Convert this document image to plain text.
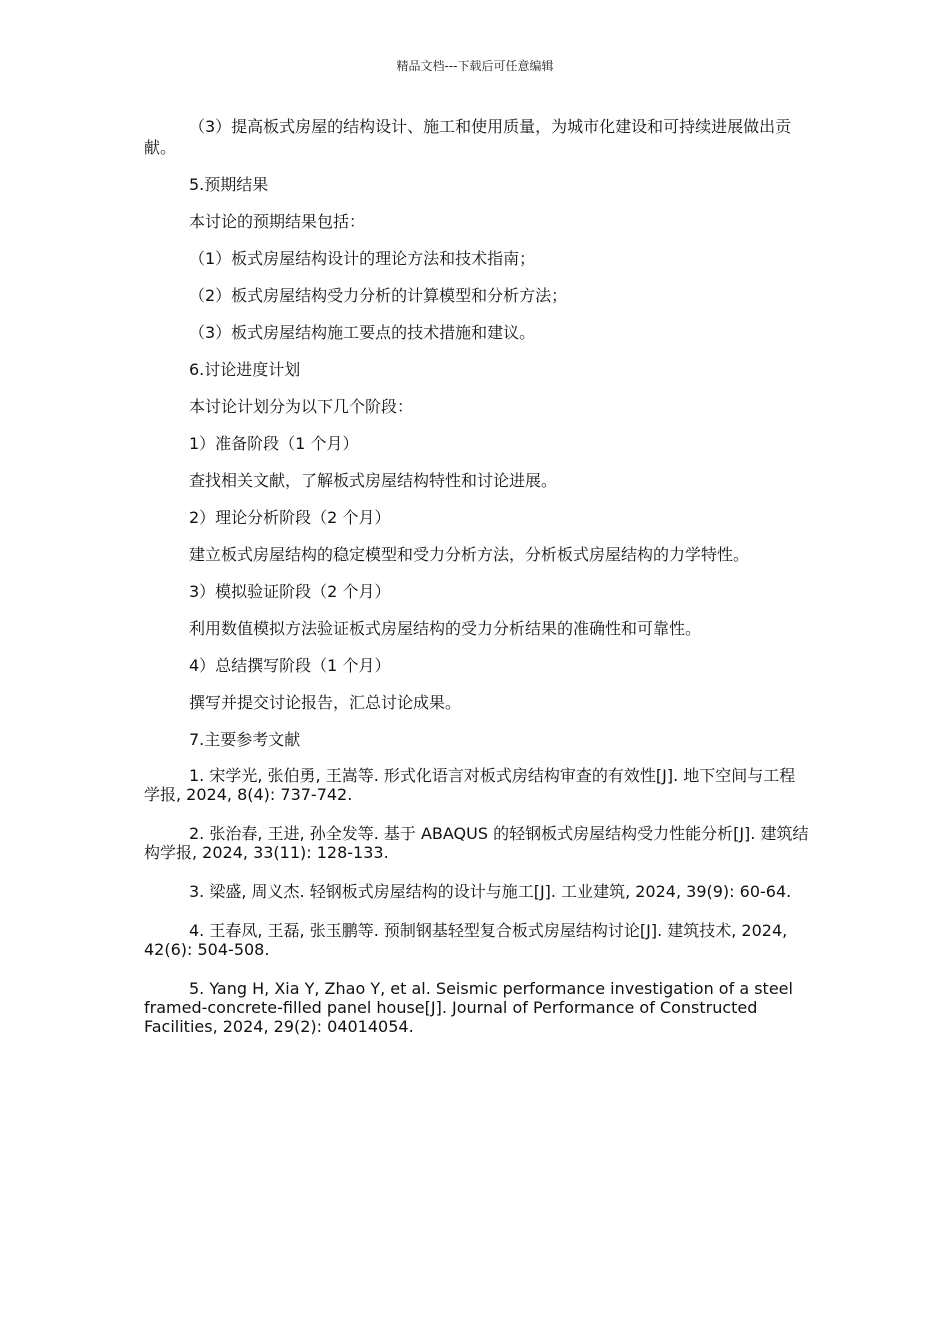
精品文档---下载后可任意编辑

（3）提高板式房屋的结构设计、施工和使用质量，为城市化建设和可持续进展做出贡献。

5.预期结果

本讨论的预期结果包括：

（1）板式房屋结构设计的理论方法和技术指南；

（2）板式房屋结构受力分析的计算模型和分析方法；

（3）板式房屋结构施工要点的技术措施和建议。

6.讨论进度计划

本讨论计划分为以下几个阶段：

1）准备阶段（1 个月）

查找相关文献，了解板式房屋结构特性和讨论进展。

2）理论分析阶段（2 个月）

建立板式房屋结构的稳定模型和受力分析方法，分析板式房屋结构的力学特性。

3）模拟验证阶段（2 个月）

利用数值模拟方法验证板式房屋结构的受力分析结果的准确性和可靠性。

4）总结撰写阶段（1 个月）

撰写并提交讨论报告，汇总讨论成果。

7.主要参考文献

1. 宋学光, 张伯勇, 王嵩等. 形式化语言对板式房结构审查的有效性[J]. 地下空间与工程学报, 2024, 8(4): 737-742.

2. 张治春, 王进, 孙全发等. 基于 ABAQUS 的轻钢板式房屋结构受力性能分析[J]. 建筑结构学报, 2024, 33(11): 128-133.

3. 梁盛, 周义杰. 轻钢板式房屋结构的设计与施工[J]. 工业建筑, 2024, 39(9): 60-64.

4. 王春凤, 王磊, 张玉鹏等. 预制钢基轻型复合板式房屋结构讨论[J]. 建筑技术, 2024, 42(6): 504-508.

5. Yang H, Xia Y, Zhao Y, et al. Seismic performance investigation of a steel framed-concrete-filled panel house[J]. Journal of Performance of Constructed Facilities, 2024, 29(2): 04014054.
